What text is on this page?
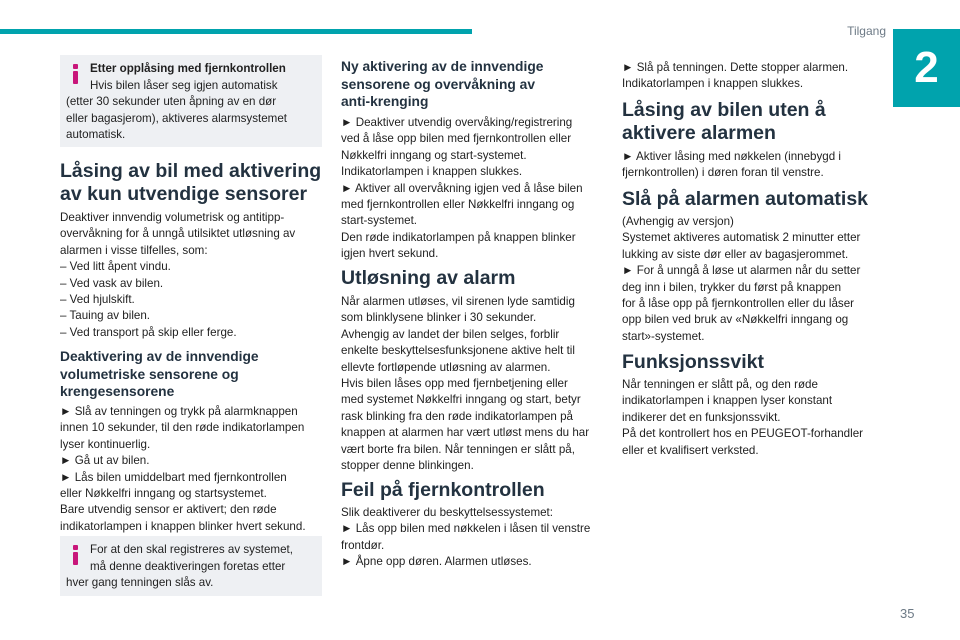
Tilgang
2

Etter opplåsing med fjernkontrollen

Hvis bilen låser seg igjen automatisk

(etter 30 sekunder uten åpning av en dør

eller bagasjerom), aktiveres alarmsystemet

automatisk.

Låsing av bil med aktivering
av kun utvendige sensorer
Deaktiver innvendig volumetrisk og antitipp-
overvåkning for å unngå utilsiktet utløsning av
alarmen i visse tilfelles, som:
– Ved litt åpent vindu.
– Ved vask av bilen.
– Ved hjulskift.
– Tauing av bilen.
– Ved transport på skip eller ferge.
Deaktivering av de innvendige
volumetriske sensorene og
krengesensorene
► Slå av tenningen og trykk på alarmknappen
innen 10 sekunder, til den røde indikatorlampen
lyser kontinuerlig.
► Gå ut av bilen.
► Lås bilen umiddelbart med fjernkontrollen
eller Nøkkelfri inngang og startsystemet.
Bare utvendig sensor er aktivert; den røde
indikatorlampen i knappen blinker hvert sekund.

For at den skal registreres av systemet,

må denne deaktiveringen foretas etter

hver gang tenningen slås av.

Ny aktivering av de innvendige
sensorene og overvåkning av
anti-krenging
► Deaktiver utvendig overvåking/registrering
ved å låse opp bilen med fjernkontrollen eller
Nøkkelfri inngang og start-systemet.
Indikatorlampen i knappen slukkes.
► Aktiver all overvåkning igjen ved å låse bilen
med fjernkontrollen eller Nøkkelfri inngang og
start-systemet.
Den røde indikatorlampen på knappen blinker
igjen hvert sekund.
Utløsning av alarm
Når alarmen utløses, vil sirenen lyde samtidig
som blinklysene blinker i 30 sekunder.
Avhengig av landet der bilen selges, forblir
enkelte beskyttelsesfunksjonene aktive helt til
ellevte fortløpende utløsning av alarmen.
Hvis bilen låses opp med fjernbetjening eller
med systemet Nøkkelfri inngang og start, betyr
rask blinking fra den røde indikatorlampen på
knappen at alarmen har vært utløst mens du har
vært borte fra bilen. Når tenningen er slått på,
stopper denne blinkingen.
Feil på fjernkontrollen
Slik deaktiverer du beskyttelsessystemet:
► Lås opp bilen med nøkkelen i låsen til venstre
frontdør.
► Åpne opp døren. Alarmen utløses.
► Slå på tenningen. Dette stopper alarmen.
Indikatorlampen i knappen slukkes.
Låsing av bilen uten å
aktivere alarmen
► Aktiver låsing med nøkkelen (innebygd i
fjernkontrollen) i døren foran til venstre.
Slå på alarmen automatisk
(Avhengig av versjon)
Systemet aktiveres automatisk 2 minutter etter
lukking av siste dør eller av bagasjerommet.
► For å unngå å løse ut alarmen når du setter
deg inn i bilen, trykker du først på knappen
for å låse opp på fjernkontrollen eller du låser
opp bilen ved bruk av «Nøkkelfri inngang og
start»-systemet.
Funksjonssvikt
Når tenningen er slått på, og den røde
indikatorlampen i knappen lyser konstant
indikerer det en funksjonssvikt.
På det kontrollert hos en PEUGEOT-forhandler
eller et kvalifisert verksted.
35
